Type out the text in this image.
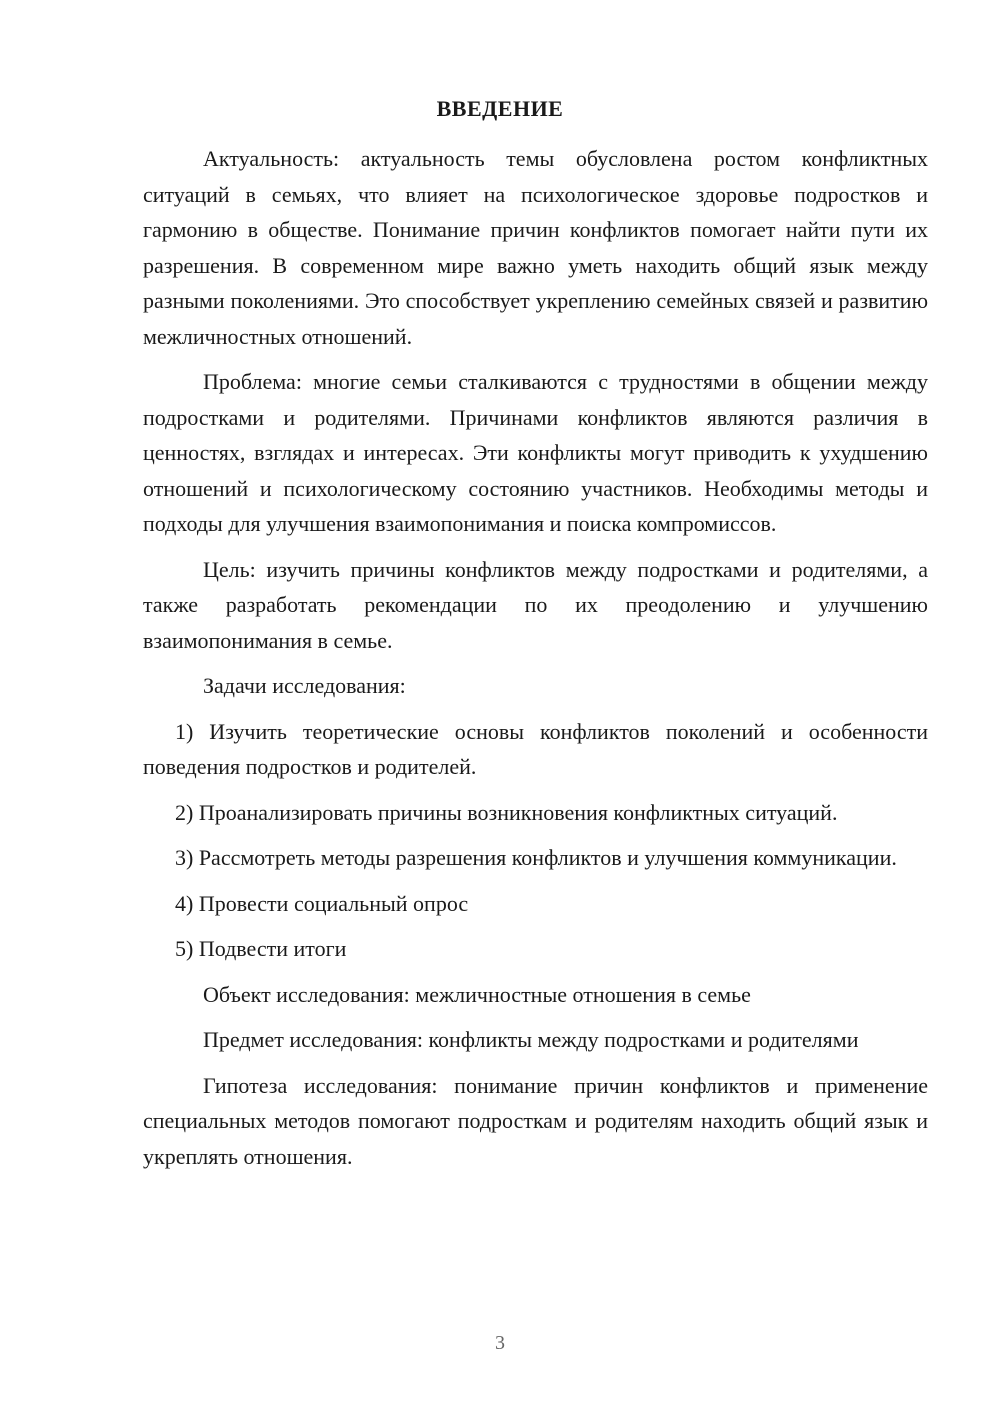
ВВЕДЕНИЕ

Актуальность: актуальность темы обусловлена ростом конфликтных ситуаций в семьях, что влияет на психологическое здоровье подростков и гармонию в обществе. Понимание причин конфликтов помогает найти пути их разрешения. В современном мире важно уметь находить общий язык между разными поколениями. Это способствует укреплению семейных связей и развитию межличностных отношений.

Проблема: многие семьи сталкиваются с трудностями в общении между подростками и родителями. Причинами конфликтов являются различия в ценностях, взглядах и интересах. Эти конфликты могут приводить к ухудшению отношений и психологическому состоянию участников. Необходимы методы и подходы для улучшения взаимопонимания и поиска компромиссов.

Цель: изучить причины конфликтов между подростками и родителями, а также разработать рекомендации по их преодолению и улучшению взаимопонимания в семье.

Задачи исследования:

1) Изучить теоретические основы конфликтов поколений и особенности поведения подростков и родителей.

2) Проанализировать причины возникновения конфликтных ситуаций.

3) Рассмотреть методы разрешения конфликтов и улучшения коммуникации.

4) Провести социальный опрос

5) Подвести итоги

Объект исследования: межличностные отношения в семье

Предмет исследования: конфликты между подростками и родителями

Гипотеза исследования: понимание причин конфликтов и применение специальных методов помогают подросткам и родителям находить общий язык и укреплять отношения.

3
